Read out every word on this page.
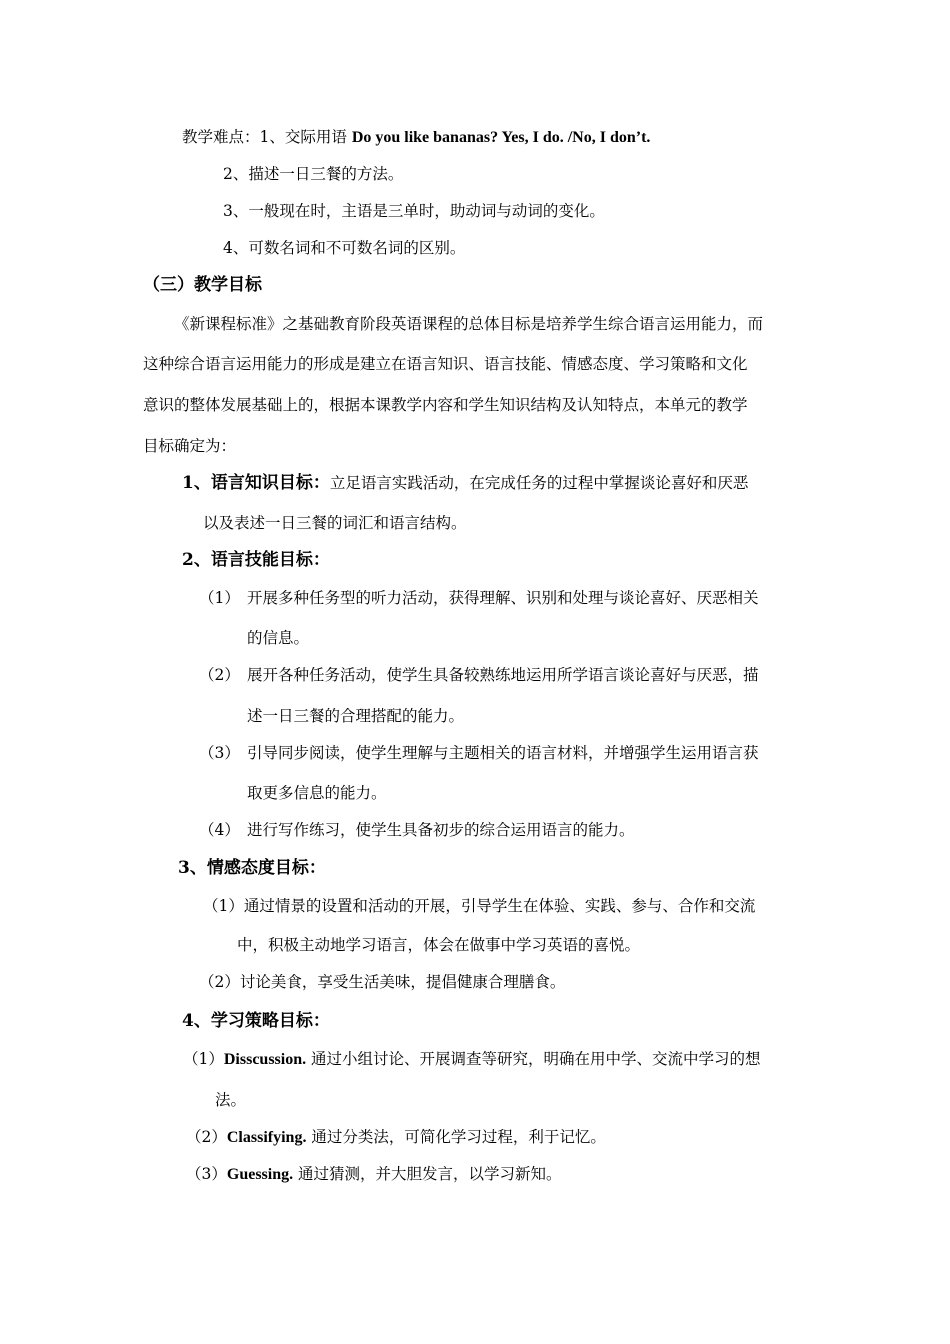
教学难点：1、交际用语 Do you like bananas? Yes, I do. /No, I don’t.
2、描述一日三餐的方法。
3、一般现在时，主语是三单时，助动词与动词的变化。
4、可数名词和不可数名词的区别。
（三）教学目标
《新课程标准》之基础教育阶段英语课程的总体目标是培养学生综合语言运用能力，而
这种综合语言运用能力的形成是建立在语言知识、语言技能、情感态度、学习策略和文化
意识的整体发展基础上的，根据本课教学内容和学生知识结构及认知特点，本单元的教学
目标确定为：
1、语言知识目标：立足语言实践活动，在完成任务的过程中掌握谈论喜好和厌恶
以及表述一日三餐的词汇和语言结构。
2、语言技能目标：
（1） 开展多种任务型的听力活动，获得理解、识别和处理与谈论喜好、厌恶相关
的信息。
（2） 展开各种任务活动，使学生具备较熟练地运用所学语言谈论喜好与厌恶，描
述一日三餐的合理搭配的能力。
（3） 引导同步阅读，使学生理解与主题相关的语言材料，并增强学生运用语言获
取更多信息的能力。
（4） 进行写作练习，使学生具备初步的综合运用语言的能力。
3、情感态度目标：
（1）通过情景的设置和活动的开展，引导学生在体验、实践、参与、合作和交流
中，积极主动地学习语言，体会在做事中学习英语的喜悦。
（2）讨论美食，享受生活美味，提倡健康合理膳食。
4、学习策略目标：
（1）Disscussion. 通过小组讨论、开展调查等研究，明确在用中学、交流中学习的想
法。
（2）Classifying. 通过分类法，可简化学习过程，利于记忆。
（3）Guessing. 通过猜测，并大胆发言，以学习新知。
